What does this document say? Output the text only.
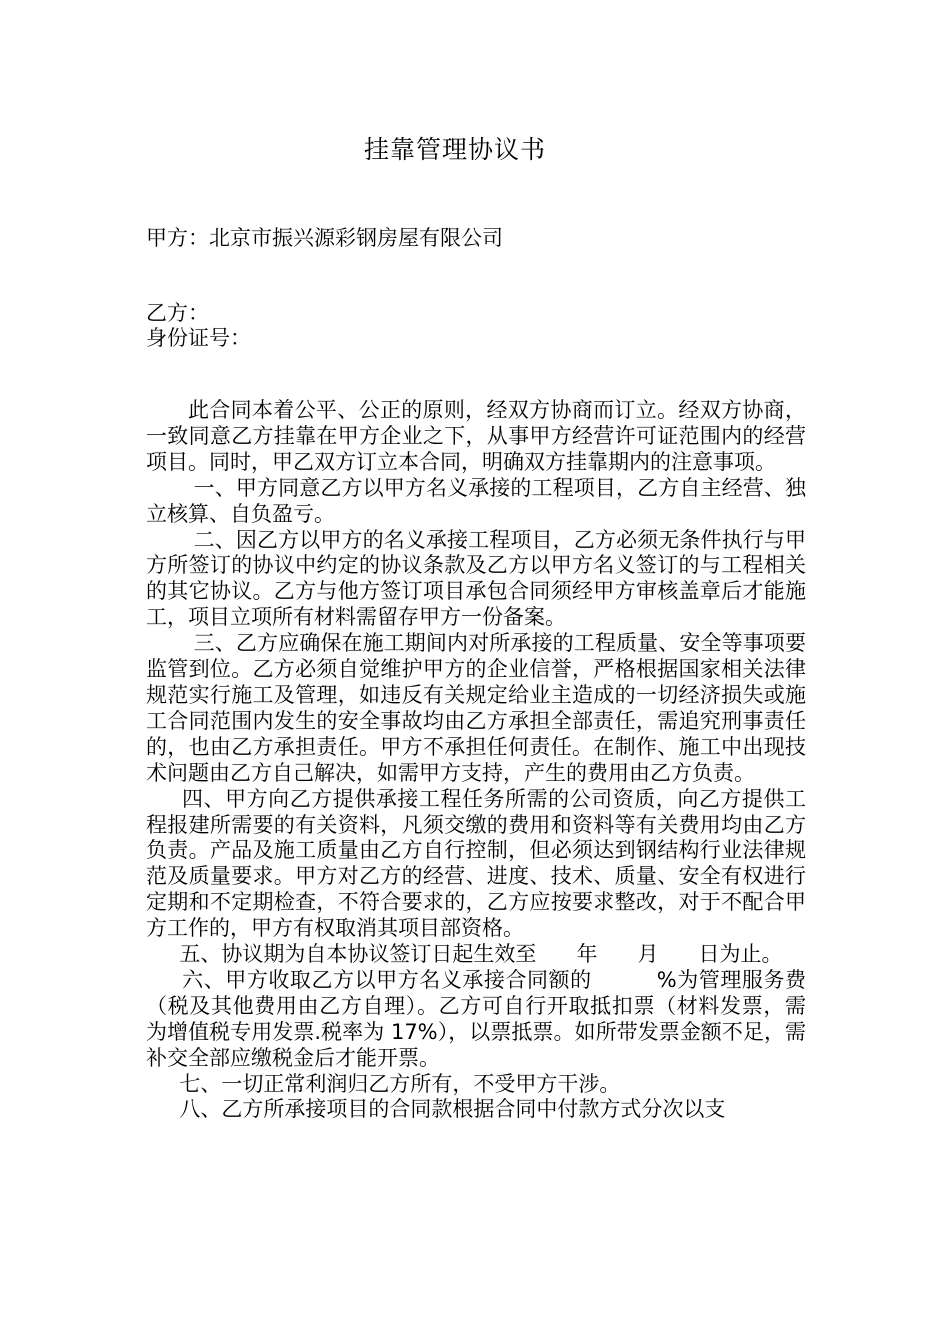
挂靠管理协议书
甲方：北京市振兴源彩钢房屋有限公司
乙方：
身份证号：

此合同本着公平、公正的原则，经双方协商而订立。经双方协商，一致同意乙方挂靠在甲方企业之下，从事甲方经营许可证范围内的经营项目。同时，甲乙双方订立本合同，明确双方挂靠期内的注意事项。

一、甲方同意乙方以甲方名义承接的工程项目，乙方自主经营、独立核算、自负盈亏。

二、因乙方以甲方的名义承接工程项目，乙方必须无条件执行与甲方所签订的协议中约定的协议条款及乙方以甲方名义签订的与工程相关的其它协议。乙方与他方签订项目承包合同须经甲方审核盖章后才能施工，项目立项所有材料需留存甲方一份备案。

三、乙方应确保在施工期间内对所承接的工程质量、安全等事项要监管到位。乙方必须自觉维护甲方的企业信誉，严格根据国家相关法律规范实行施工及管理，如违反有关规定给业主造成的一切经济损失或施工合同范围内发生的安全事故均由乙方承担全部责任，需追究刑事责任的，也由乙方承担责任。甲方不承担任何责任。在制作、施工中出现技术问题由乙方自己解决，如需甲方支持，产生的费用由乙方负责。

四、甲方向乙方提供承接工程任务所需的公司资质，向乙方提供工程报建所需要的有关资料，凡须交缴的费用和资料等有关费用均由乙方负责。产品及施工质量由乙方自行控制，但必须达到钢结构行业法律规范及质量要求。甲方对乙方的经营、进度、技术、质量、安全有权进行定期和不定期检查，不符合要求的，乙方应按要求整改，对于不配合甲方工作的，甲方有权取消其项目部资格。

五、协议期为自本协议签订日起生效至      年      月      日为止。

六、甲方收取乙方以甲方名义承接合同额的         %为管理服务费（税及其他费用由乙方自理）。乙方可自行开取抵扣票（材料发票，需为增值税专用发票.税率为 17%），以票抵票。如所带发票金额不足，需补交全部应缴税金后才能开票。

七、一切正常利润归乙方所有，不受甲方干涉。

八、乙方所承接项目的合同款根据合同中付款方式分次以支
